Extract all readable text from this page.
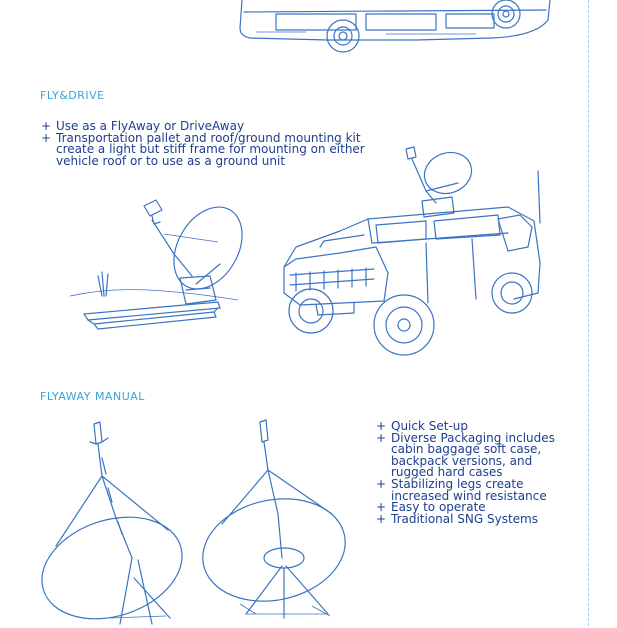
FLY&DRIVE
+ Use as a FlyAway or DriveAway
+ Transportation pallet and roof/ground mounting kit create a light but stiff frame for mounting on either vehicle roof or to use as a ground unit
FLYAWAY MANUAL
+ Quick Set-up
+ Diverse Packaging includes cabin baggage soft case, backpack versions, and rugged hard cases
+ Stabilizing legs create increased wind resistance
+ Easy to operate
+ Traditional SNG Systems
